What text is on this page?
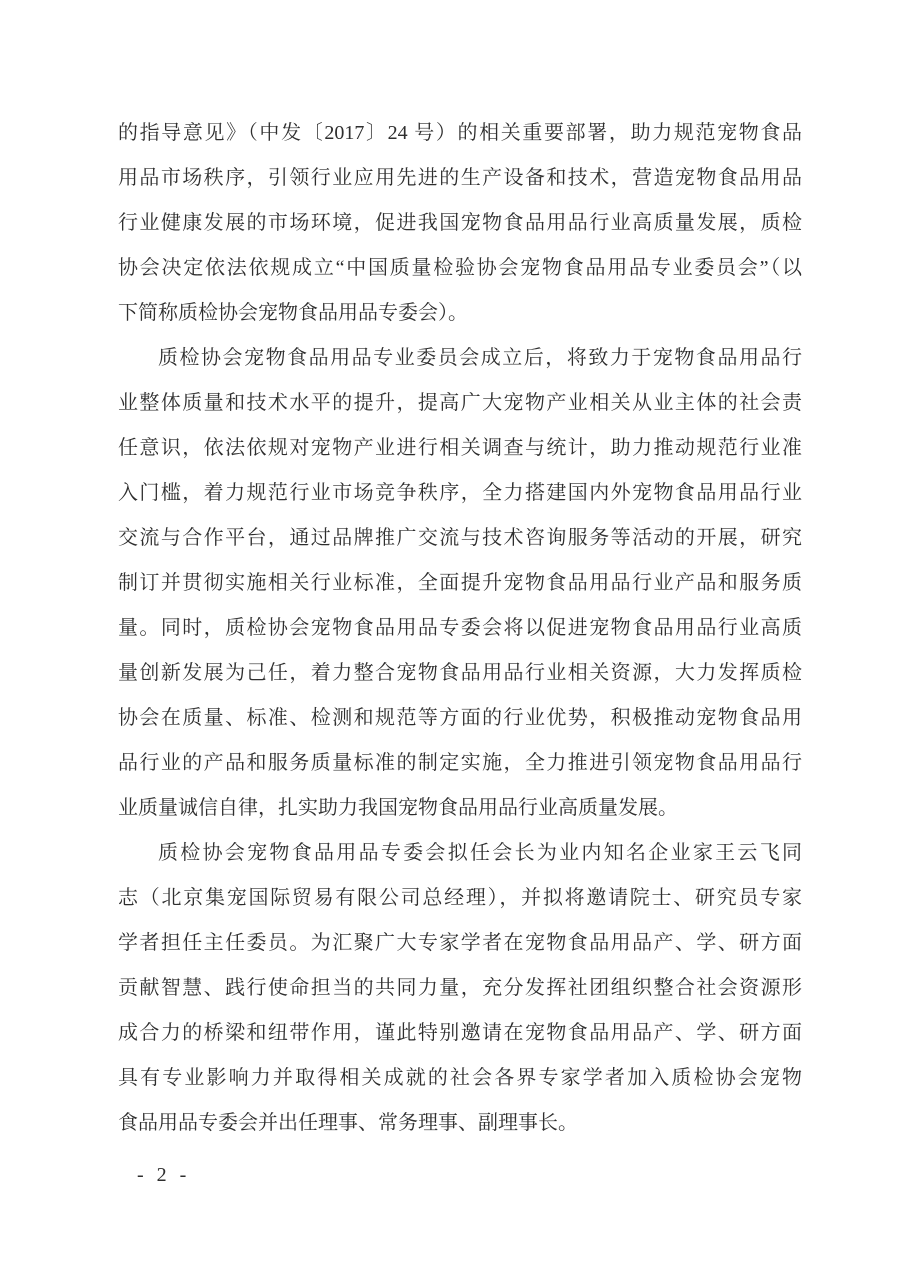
的指导意见》（中发〔2017〕24 号）的相关重要部署，助力规范宠物食品
用品市场秩序，引领行业应用先进的生产设备和技术，营造宠物食品用品
行业健康发展的市场环境，促进我国宠物食品用品行业高质量发展，质检
协会决定依法依规成立“中国质量检验协会宠物食品用品专业委员会”（以
下简称质检协会宠物食品用品专委会）。
质检协会宠物食品用品专业委员会成立后，将致力于宠物食品用品行
业整体质量和技术水平的提升，提高广大宠物产业相关从业主体的社会责
任意识，依法依规对宠物产业进行相关调查与统计，助力推动规范行业准
入门槛，着力规范行业市场竞争秩序，全力搭建国内外宠物食品用品行业
交流与合作平台，通过品牌推广交流与技术咨询服务等活动的开展，研究
制订并贯彻实施相关行业标准，全面提升宠物食品用品行业产品和服务质
量。同时，质检协会宠物食品用品专委会将以促进宠物食品用品行业高质
量创新发展为己任，着力整合宠物食品用品行业相关资源，大力发挥质检
协会在质量、标准、检测和规范等方面的行业优势，积极推动宠物食品用
品行业的产品和服务质量标准的制定实施，全力推进引领宠物食品用品行
业质量诚信自律，扎实助力我国宠物食品用品行业高质量发展。
质检协会宠物食品用品专委会拟任会长为业内知名企业家王云飞同
志（北京集宠国际贸易有限公司总经理），并拟将邀请院士、研究员专家
学者担任主任委员。为汇聚广大专家学者在宠物食品用品产、学、研方面
贡献智慧、践行使命担当的共同力量，充分发挥社团组织整合社会资源形
成合力的桥梁和纽带作用，谨此特别邀请在宠物食品用品产、学、研方面
具有专业影响力并取得相关成就的社会各界专家学者加入质检协会宠物
食品用品专委会并出任理事、常务理事、副理事长。
- 2 -
